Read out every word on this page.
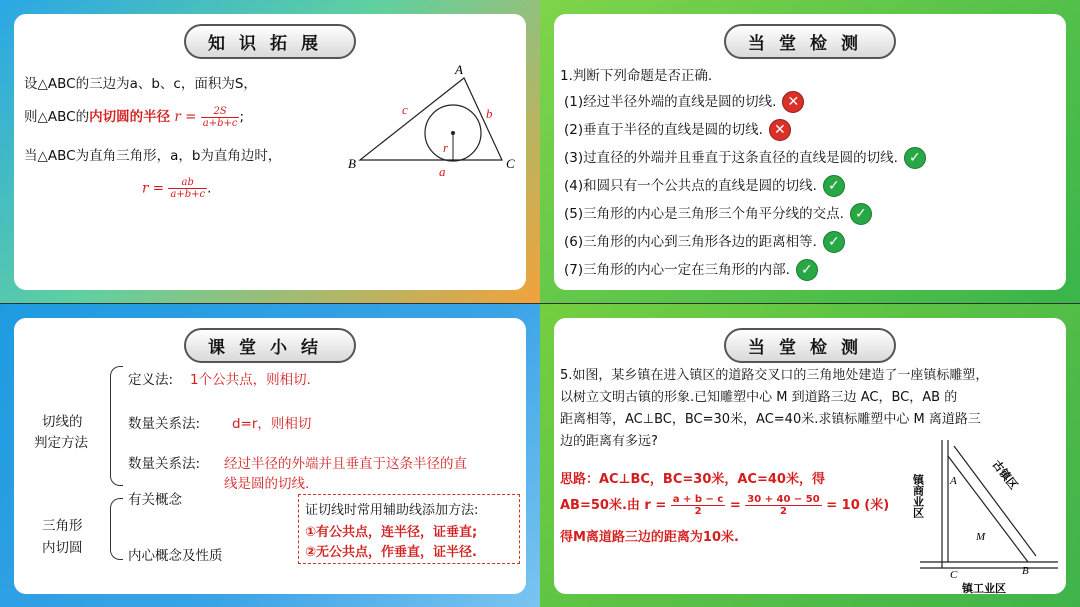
知识拓展
设△ABC的三边为a、b、c，面积为S，
则△ABC的内切圆的半径 $r = \frac{2S}{a+b+c}$ ;
当△ABC为直角三角形，a，b为直角边时，
$r = \frac{ab}{a+b+c}$ .
A
B	C
a
b
c
r
当堂检测
1.判断下列命题是否正确.
(1)经过半径外端的直线是圆的切线. ✕
(2)垂直于半径的直线是圆的切线. ✕
(3)过直径的外端并且垂直于这条直径的直线是圆的切线. ✓
(4)和圆只有一个公共点的直线是圆的切线. ✓
(5)三角形的内心是三角形三个角平分线的交点. ✓
(6)三角形的内心到三角形各边的距离相等. ✓
(7)三角形的内心一定在三角形的内部. ✓
课堂小结
切线的
判定方法
定义法: 1个公共点，则相切.
数量关系法: d=r，则相切
数量关系法: 经过半径的外端并且垂直于这条半径的直
线是圆的切线.
三角形
内切圆
有关概念
内心概念及性质
证切线时常用辅助线添加方法:
①有公共点，连半径，证垂直;
②无公共点，作垂直，证半径.
当堂检测
5.如图，某乡镇在进入镇区的道路交叉口的三角地处建造了一座镇标雕塑，
以树立文明古镇的形象.已知雕塑中心 M 到道路三边 AC，BC，AB 的
距离相等，AC⊥BC，BC=30米，AC=40米.求镇标雕塑中心 M 离道路三
边的距离有多远?
思路：AC⊥BC，BC=30米，AC=40米，得
AB=50米.由 $r = \frac{a + b - c}{2} = \frac{30 + 40 - 50}{2} = 10$ (米)
得M离道路三边的距离为10米.
A
C	B
M
镇商业区	古镇区
镇工业区
